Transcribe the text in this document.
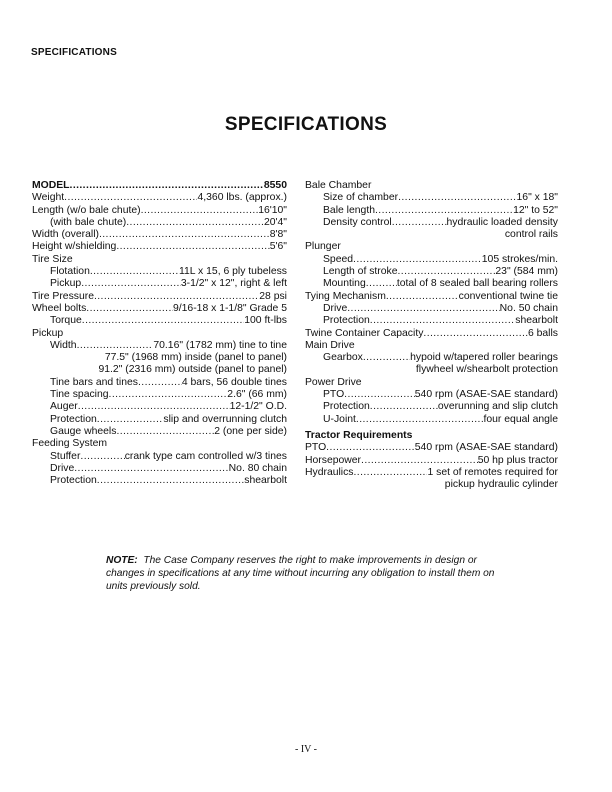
SPECIFICATIONS
SPECIFICATIONS
MODEL .....	8550
Weight .....	4,360 lbs. (approx.)
Length (w/o bale chute) .....	16'10"
(with bale chute) .....	20'4"
Width (overall) .....	8'8"
Height w/shielding .....	5'6"
Tire Size
Flotation .....	11L x 15, 6 ply tubeless
Pickup .....	3-1/2" x 12", right & left
Tire Pressure .....	28 psi
Wheel bolts .....	9/16-18 x 1-1/8" Grade 5
Torque .....	100 ft-lbs
Pickup
Width .....	70.16" (1782 mm) tine to tine
77.5" (1968 mm) inside (panel to panel)
91.2" (2316 mm) outside (panel to panel)
Tine bars and tines .....	4 bars, 56 double tines
Tine spacing .....	2.6" (66 mm)
Auger .....	12-1/2" O.D.
Protection .....	slip and overrunning clutch
Gauge wheels .....	2 (one per side)
Feeding System
Stuffer .....	crank type cam controlled w/3 tines
Drive .....	No. 80 chain
Protection .....	shearbolt
Bale Chamber
Size of chamber .....	16" x 18"
Bale length .....	12" to 52"
Density control .....	hydraulic loaded density
control rails
Plunger
Speed .....	105 strokes/min.
Length of stroke .....	23" (584 mm)
Mounting .....	total of 8 sealed ball bearing rollers
Tying Mechanism .....	conventional twine tie
Drive .....	No. 50 chain
Protection .....	shearbolt
Twine Container Capacity .....	6 balls
Main Drive
Gearbox .....	hypoid w/tapered roller bearings
flywheel w/shearbolt protection
Power Drive
PTO .....	540 rpm (ASAE-SAE standard)
Protection .....	overunning and slip clutch
U-Joint .....	four equal angle
Tractor Requirements
PTO .....	540 rpm (ASAE-SAE standard)
Horsepower .....	50 hp plus tractor
Hydraulics .....	1 set of remotes required for
pickup hydraulic cylinder
NOTE: The Case Company reserves the right to make improvements in design or changes in specifications at any time without incurring any obligation to install them on units previously sold.
- IV -
